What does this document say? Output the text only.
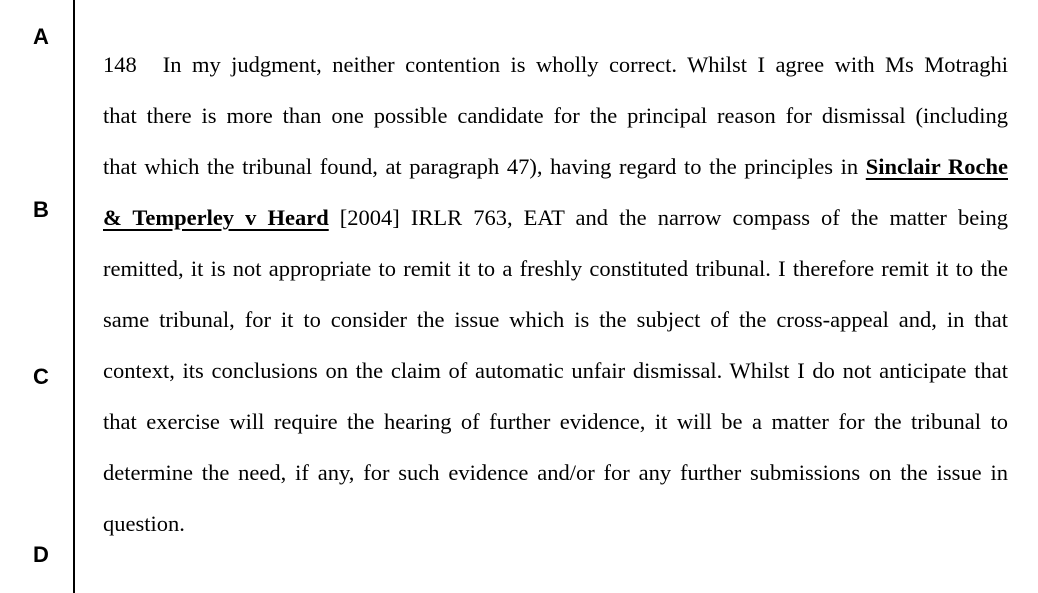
A
B
C
D
148 In my judgment, neither contention is wholly correct. Whilst I agree with Ms Motraghi
that there is more than one possible candidate for the principal reason for dismissal (including
that which the tribunal found, at paragraph 47), having regard to the principles in Sinclair Roche
& Temperley v Heard [2004] IRLR 763, EAT and the narrow compass of the matter being
remitted, it is not appropriate to remit it to a freshly constituted tribunal. I therefore remit it to the
same tribunal, for it to consider the issue which is the subject of the cross-appeal and, in that
context, its conclusions on the claim of automatic unfair dismissal. Whilst I do not anticipate that
that exercise will require the hearing of further evidence, it will be a matter for the tribunal to
determine the need, if any, for such evidence and/or for any further submissions on the issue in
question.
